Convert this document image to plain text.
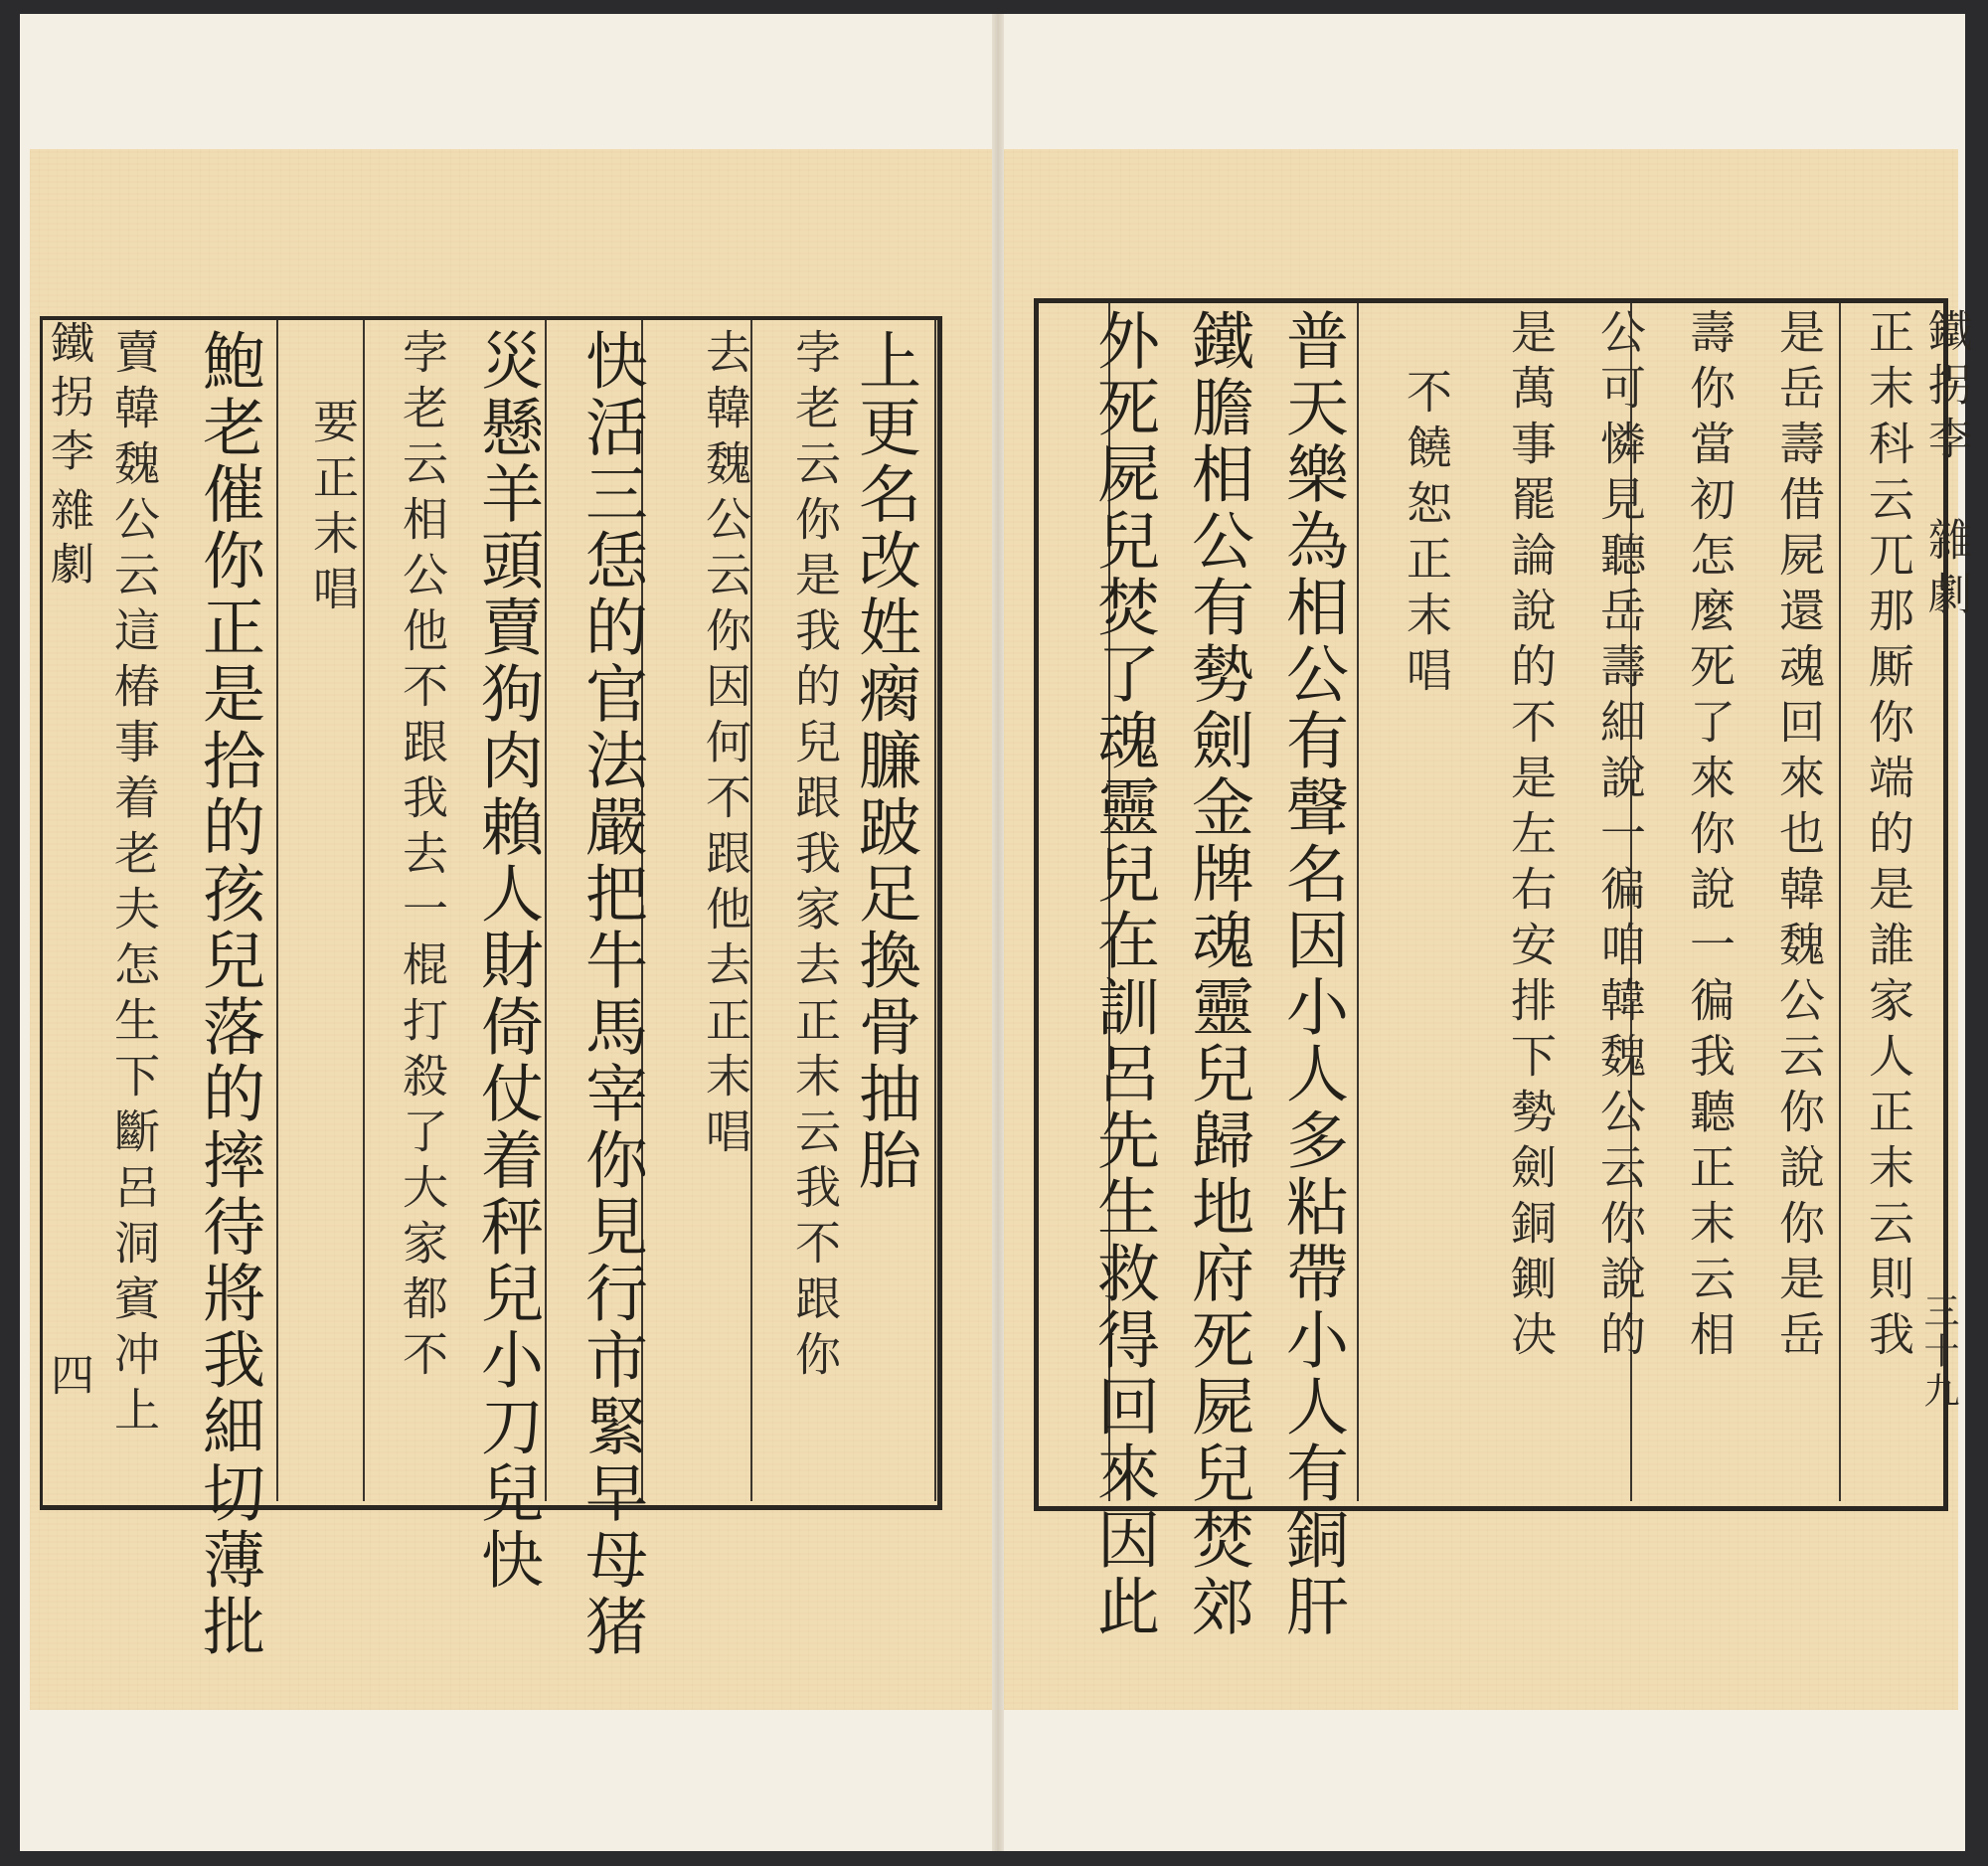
鐵拐李
雜劇
四
上更名改姓瘸臁跛足換骨抽胎
孛老云你是我的兒跟我家去正末云我不跟你
去韓魏公云你因何不跟他去正末唱
快活三恁的官法嚴把牛馬宰你見行市緊早母猪
災懸羊頭賣狗肉賴人財倚仗着秤兒小刀兒快
孛老云相公他不跟我去一棍打殺了大家都不
要正末唱
鮑老催你正是拾的孩兒落的摔待將我細切薄批
賣韓魏公云這椿事着老夫怎生下斷呂洞賓冲上	鐵拐李
雜劇
三十九
正末科云兀那厮你端的是誰家人正末云則我
是岳壽借屍還魂回來也韓魏公云你說你是岳
壽你當初怎麼死了來你說一徧我聽正末云相
公可憐見聽岳壽細說一徧咱韓魏公云你說的
是萬事罷論說的不是左右安排下勢劍銅鍘决
不饒恕正末唱
普天樂為相公有聲名因小人多粘帶小人有銅肝
鐵膽相公有勢劍金牌魂靈兒歸地府死屍兒焚郊
外死屍兒焚了魂靈兒在訓呂先生救得回來因此
